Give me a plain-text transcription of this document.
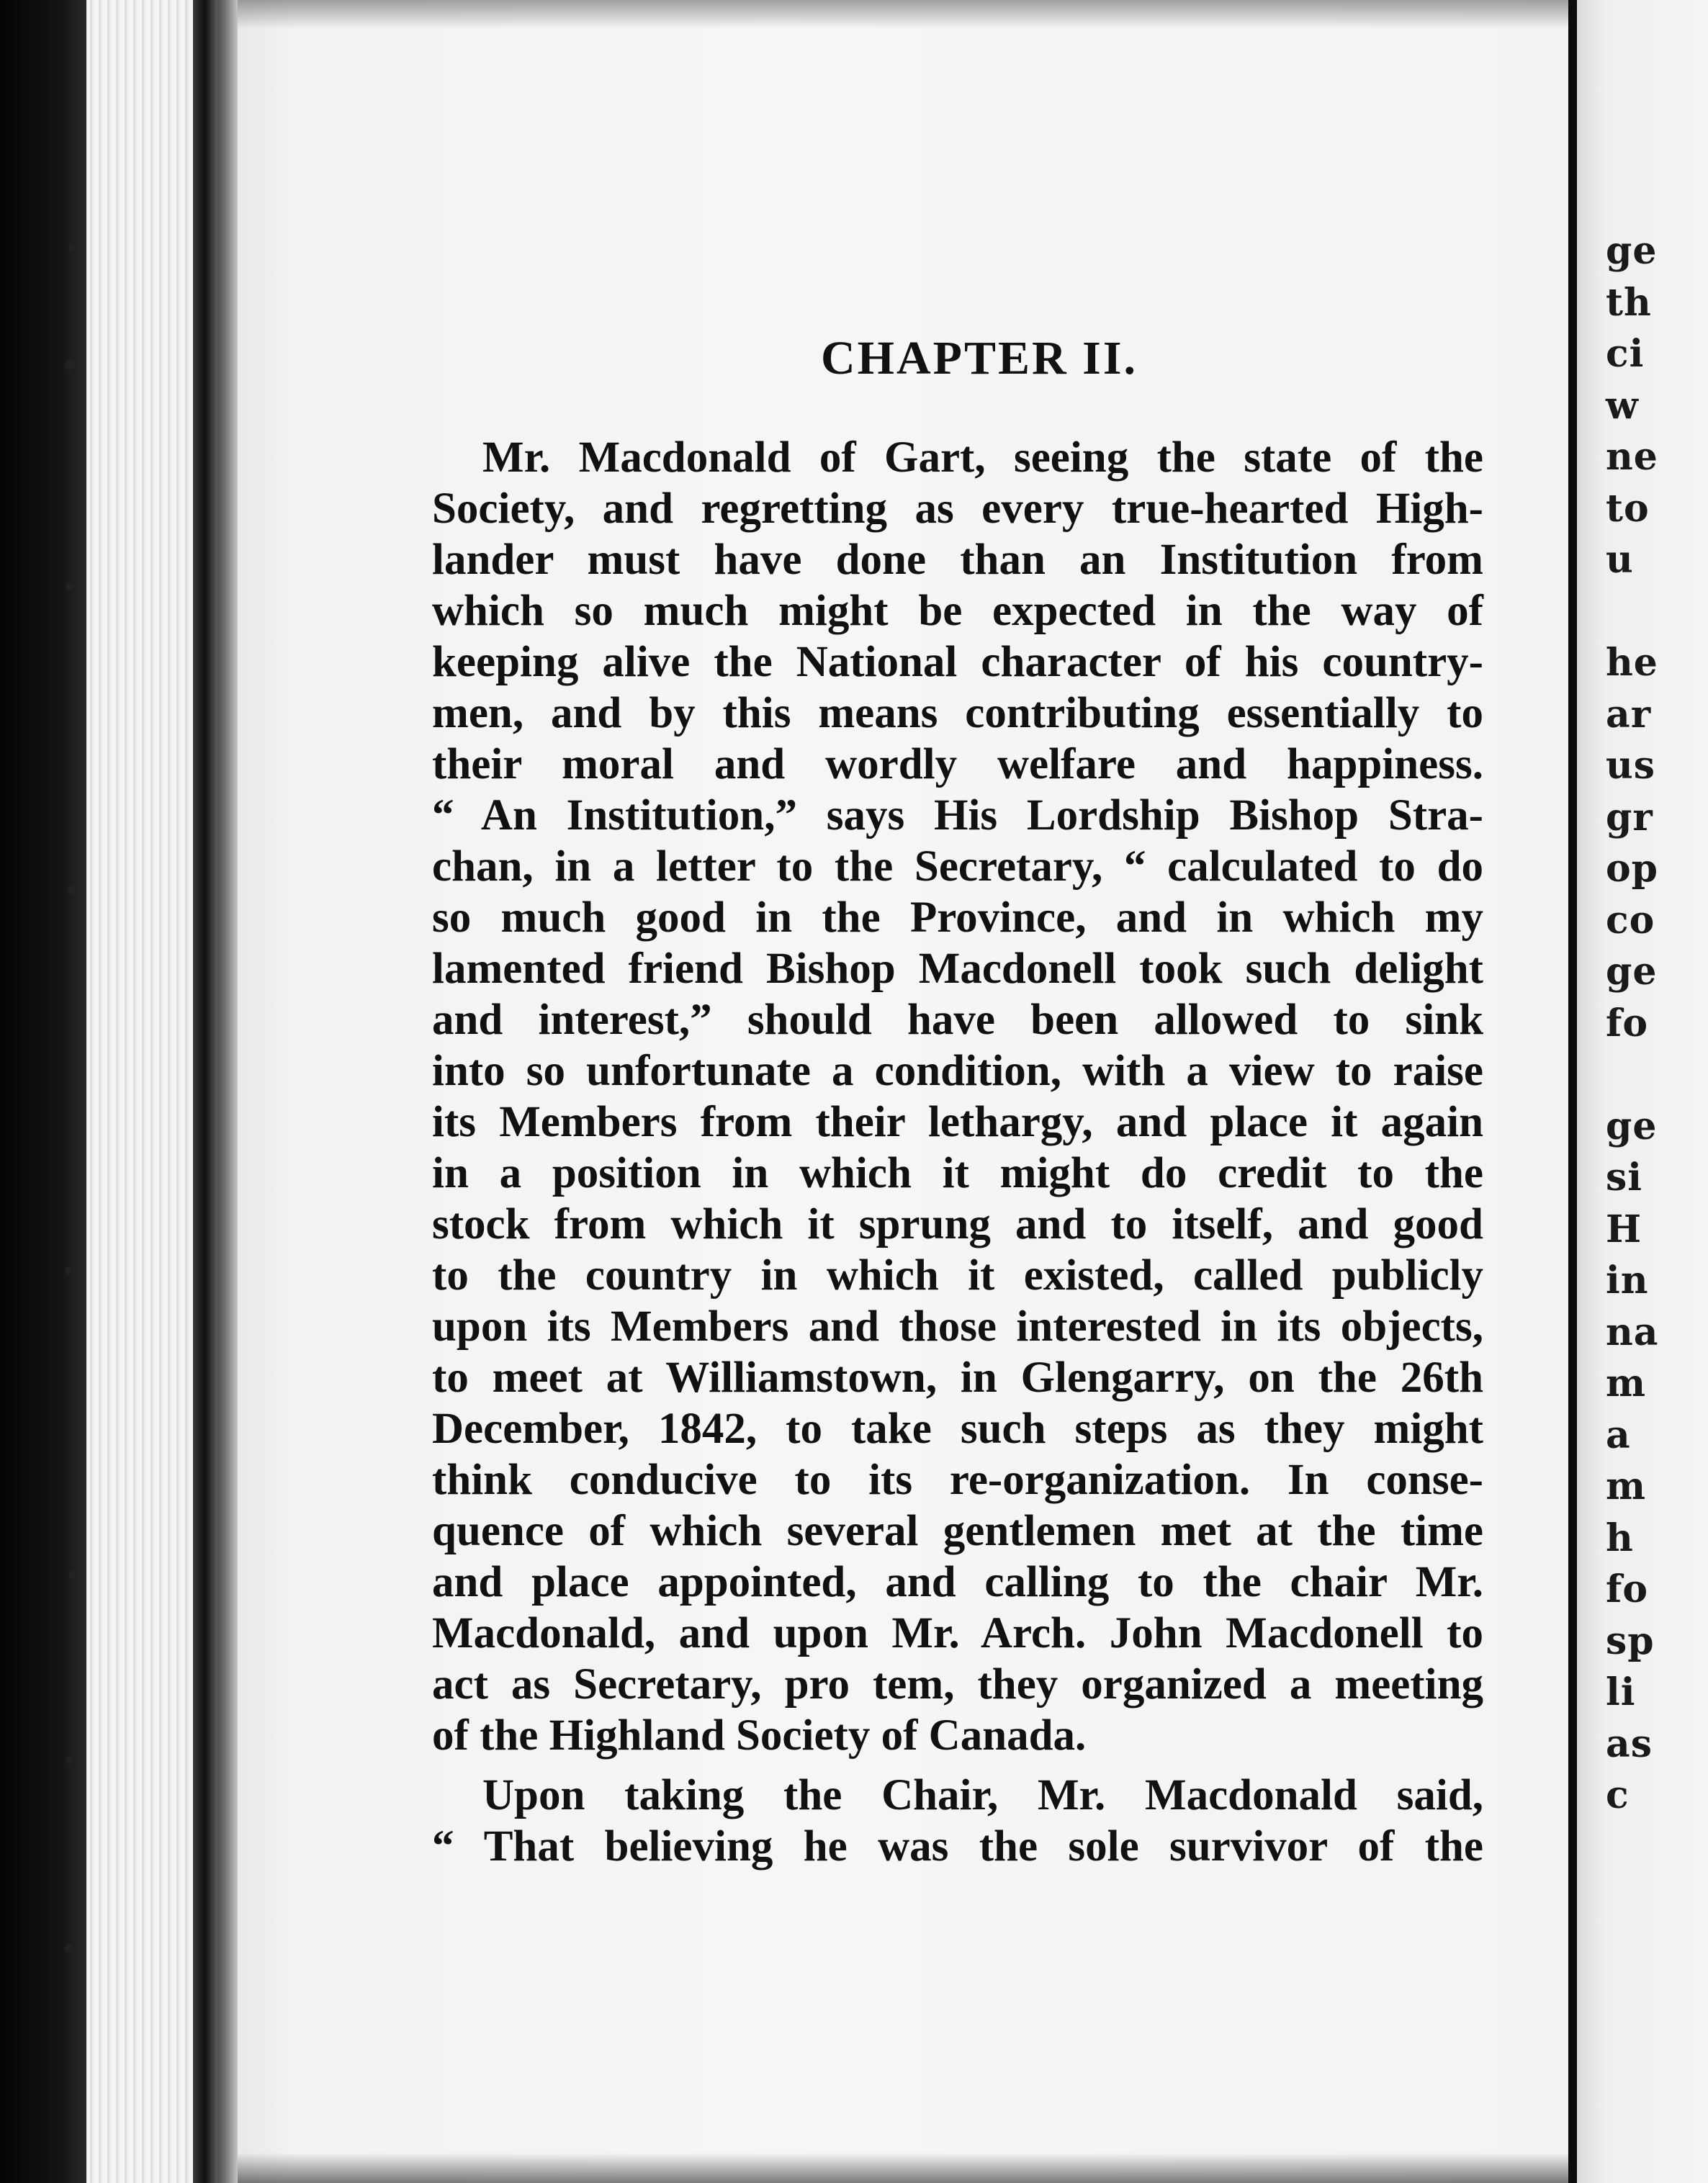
CHAPTER II.
Mr. Macdonald of Gart, seeing the state of the
Society, and regretting as every true-hearted High-
lander must have done than an Institution from
which so much might be expected in the way of
keeping alive the National character of his country-
men, and by this means contributing essentially to
their moral and wordly welfare and happiness.
“ An Institution,” says His Lordship Bishop Stra-
chan, in a letter to the Secretary, “ calculated to do
so much good in the Province, and in which my
lamented friend Bishop Macdonell took such delight
and interest,” should have been allowed to sink
into so unfortunate a condition, with a view to raise
its Members from their lethargy, and place it again
in a position in which it might do credit to the
stock from which it sprung and to itself, and good
to the country in which it existed, called publicly
upon its Members and those interested in its objects,
to meet at Williamstown, in Glengarry, on the 26th
December, 1842, to take such steps as they might
think conducive to its re-organization. In conse-
quence of which several gentlemen met at the time
and place appointed, and calling to the chair Mr.
Macdonald, and upon Mr. Arch. John Macdonell to
act as Secretary, pro tem, they organized a meeting
of the Highland Society of Canada.
Upon taking the Chair, Mr. Macdonald said,
“ That believing he was the sole survivor of the
ge
th
ci
w
ne
to
u
he
ar
us
gr
op
co
ge
fo
ge
si
H
in
na
m
a
m
h
fo
sp
li
as
c
